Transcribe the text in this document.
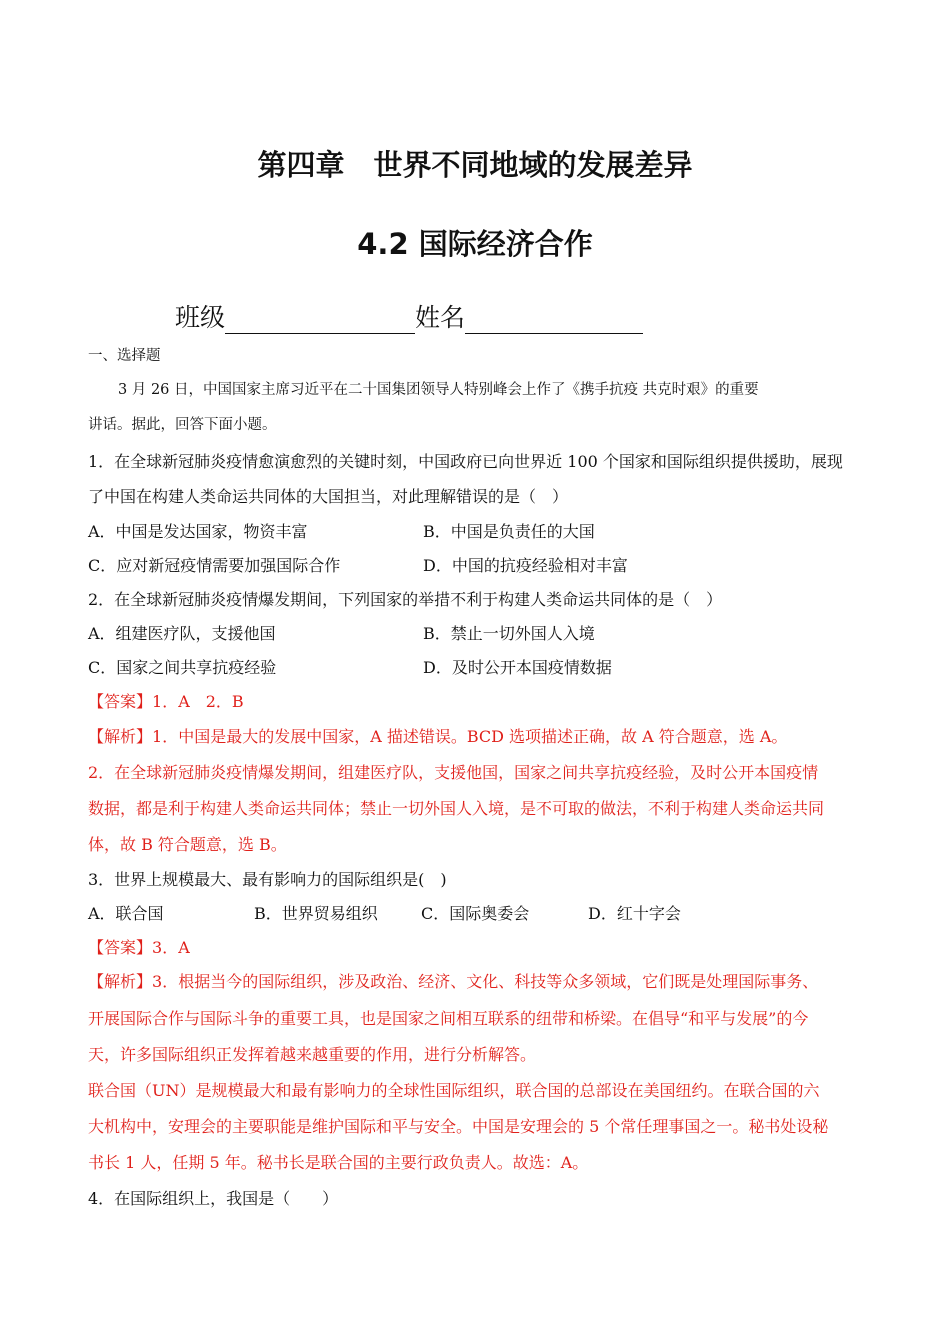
第四章　世界不同地域的发展差异
4.2 国际经济合作
班级	姓名
一、选择题
3 月 26 日，中国国家主席习近平在二十国集团领导人特别峰会上作了《携手抗疫 共克时艰》的重要
讲话。据此，回答下面小题。
1．在全球新冠肺炎疫情愈演愈烈的关键时刻，中国政府已向世界近 100 个国家和国际组织提供援助，展现
了中国在构建人类命运共同体的大国担当，对此理解错误的是（　）
A．中国是发达国家，物资丰富	B．中国是负责任的大国
C．应对新冠疫情需要加强国际合作	D．中国的抗疫经验相对丰富
2．在全球新冠肺炎疫情爆发期间，下列国家的举措不利于构建人类命运共同体的是（　）
A．组建医疗队，支援他国	B．禁止一切外国人入境
C．国家之间共享抗疫经验	D．及时公开本国疫情数据
【答案】1．A　2．B
【解析】1．中国是最大的发展中国家，A 描述错误。BCD 选项描述正确，故 A 符合题意，选 A。
2．在全球新冠肺炎疫情爆发期间，组建医疗队，支援他国，国家之间共享抗疫经验，及时公开本国疫情
数据，都是利于构建人类命运共同体；禁止一切外国人入境，是不可取的做法，不利于构建人类命运共同
体，故 B 符合题意，选 B。
3．世界上规模最大、最有影响力的国际组织是(　)
A．联合国	B．世界贸易组织	C．国际奥委会	D．红十字会
【答案】3．A
【解析】3．根据当今的国际组织，涉及政治、经济、文化、科技等众多领域，它们既是处理国际事务、
开展国际合作与国际斗争的重要工具，也是国家之间相互联系的纽带和桥梁。在倡导“和平与发展”的今
天，许多国际组织正发挥着越来越重要的作用，进行分析解答。
联合国（UN）是规模最大和最有影响力的全球性国际组织，联合国的总部设在美国纽约。在联合国的六
大机构中，安理会的主要职能是维护国际和平与安全。中国是安理会的 5 个常任理事国之一。秘书处设秘
书长 1 人，任期 5 年。秘书长是联合国的主要行政负责人。故选：A。
4．在国际组织上，我国是（　　）
